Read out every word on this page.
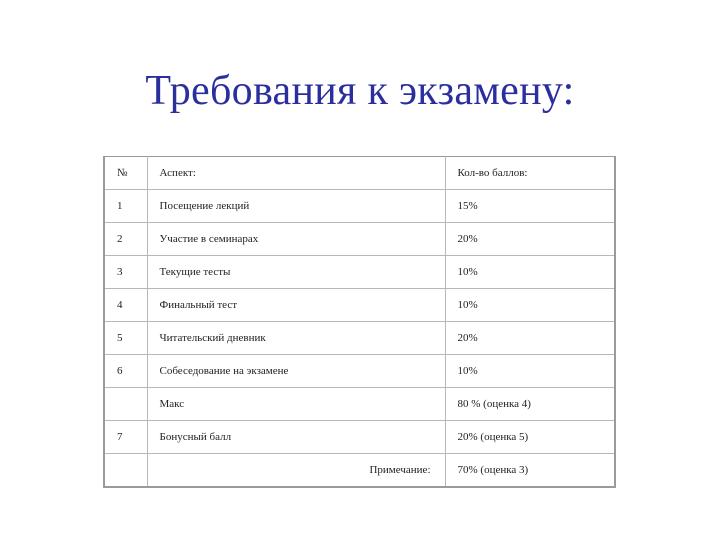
Требования к экзамену:
№	Аспект:	Кол-во баллов:
1	Посещение лекций	15%
2	Участие в семинарах	20%
3	Текущие тесты	10%
4	Финальный тест	10%
5	Читательский дневник	20%
6	Собеседование на экзамене	10%
	Макс	80 % (оценка 4)
7	Бонусный балл	20% (оценка 5)
	Примечание:	70% (оценка 3)
